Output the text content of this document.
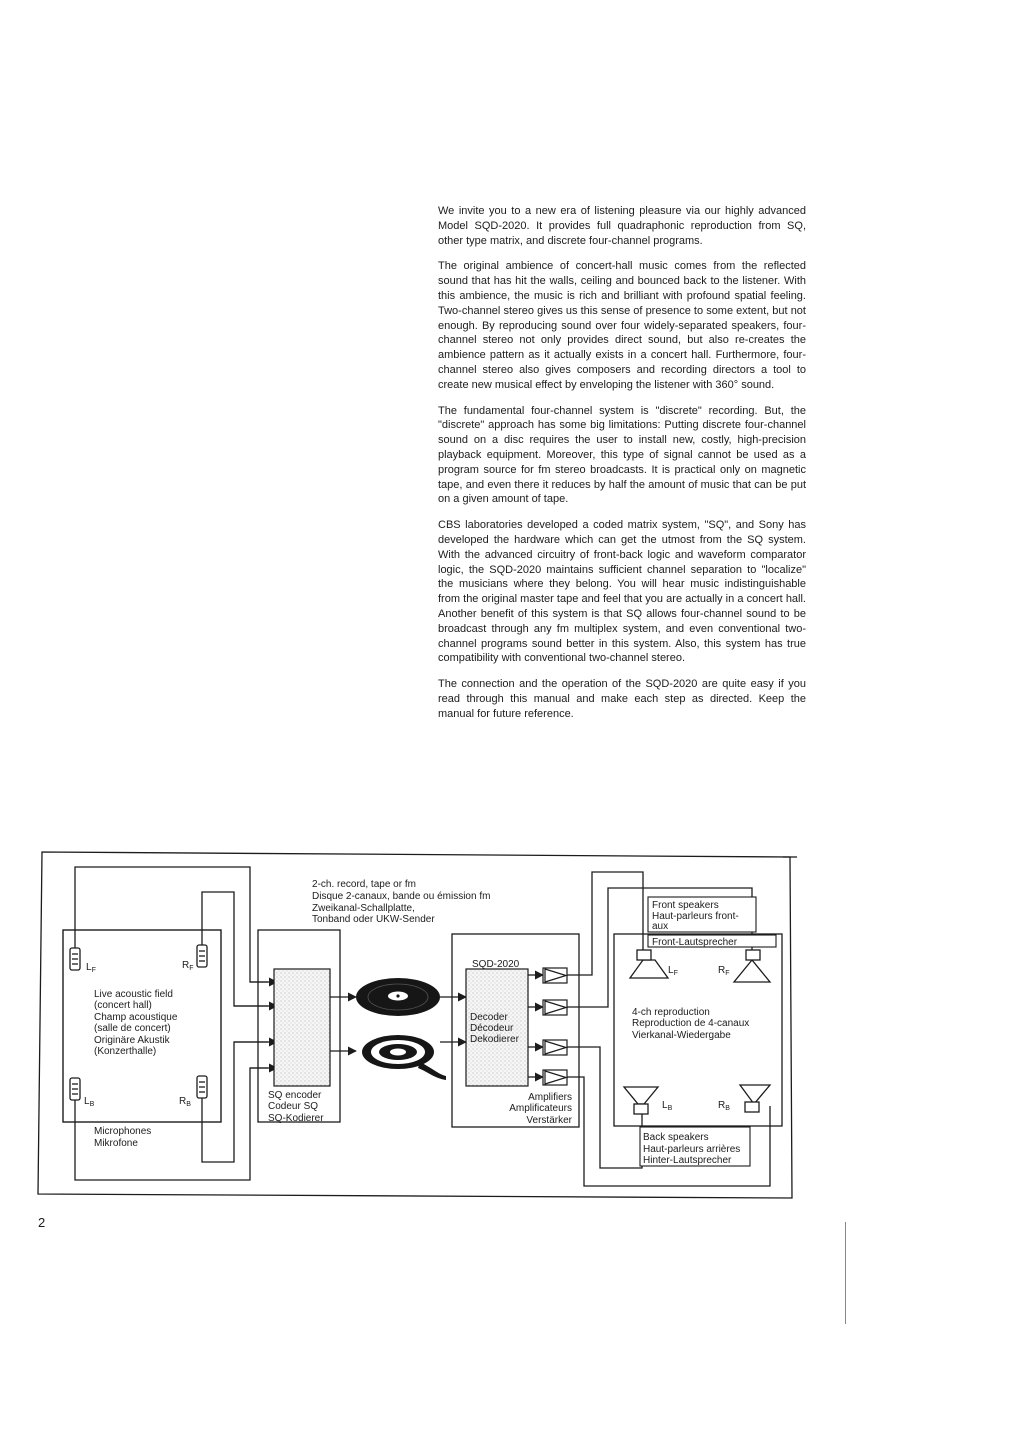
We invite you to a new era of listening pleasure via our highly advanced Model SQD-2020. It provides full quadraphonic reproduction from SQ, other type matrix, and discrete four-channel programs.

The original ambience of concert-hall music comes from the reflected sound that has hit the walls, ceiling and bounced back to the listener. With this ambience, the music is rich and brilliant with profound spatial feeling. Two-channel stereo gives us this sense of presence to some extent, but not enough. By reproducing sound over four widely-separated speakers, four-channel stereo not only provides direct sound, but also re-creates the ambience pattern as it actually exists in a concert hall. Furthermore, four-channel stereo also gives composers and recording directors a tool to create new musical effect by enveloping the listener with 360° sound.

The fundamental four-channel system is "discrete" recording. But, the "discrete" approach has some big limitations: Putting discrete four-channel sound on a disc requires the user to install new, costly, high-precision playback equipment. Moreover, this type of signal cannot be used as a program source for fm stereo broadcasts. It is practical only on magnetic tape, and even there it reduces by half the amount of music that can be put on a given amount of tape.

CBS laboratories developed a coded matrix system, "SQ", and Sony has developed the hardware which can get the utmost from the SQ system. With the advanced circuitry of front-back logic and waveform comparator logic, the SQD-2020 maintains sufficient channel separation to "localize" the musicians where they belong. You will hear music indistinguishable from the original master tape and feel that you are actually in a concert hall. Another benefit of this system is that SQ allows four-channel sound to be broadcast through any fm multiplex system, and even conventional two-channel programs sound better in this system. Also, this system has true compatibility with conventional two-channel stereo.

The connection and the operation of the SQD-2020 are quite easy if you read through this manual and make each step as directed. Keep the manual for future reference.

2-ch. record, tape or fm
Disque 2-canaux, bande ou émission fm
Zweikanal-Schallplatte,
Tonband oder UKW-Sender
$L_F$	$R_F$
$L_B$	$R_B$
Live acoustic field
(concert hall)
Champ acoustique
(salle de concert)
Originäre Akustik
(Konzerthalle)
Microphones
Mikrofone
SQ encoder
Codeur SQ
SQ-Kodierer
SQD-2020
Decoder
Décodeur
Dekodierer
Amplifiers
Amplificateurs
Verstärker
Front speakers
Haut-parleurs front-
aux
Front-Lautsprecher
$L_F$	$R_F$
$L_B$	$R_B$
4-ch reproduction
Reproduction de 4-canaux
Vierkanal-Wiedergabe
Back speakers
Haut-parleurs arrières
Hinter-Lautsprecher
2
